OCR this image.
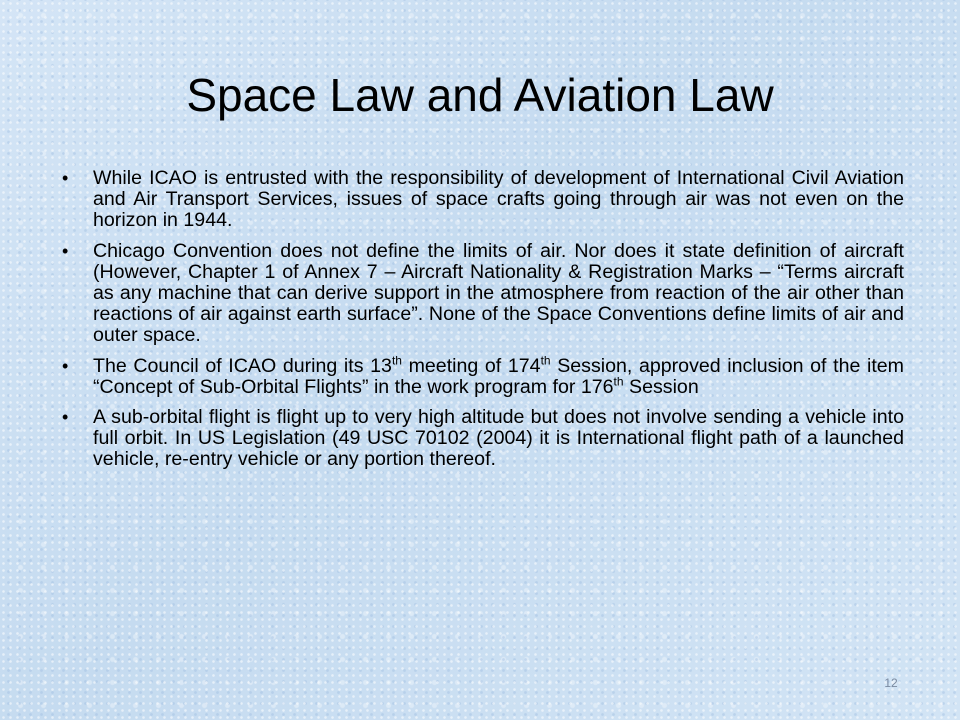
Space Law and Aviation Law
• While ICAO is entrusted with the responsibility of development of International Civil Aviation and Air Transport Services, issues of space crafts going through air was not even on the horizon in 1944.
• Chicago Convention does not define the limits of air. Nor does it state definition of aircraft (However, Chapter 1 of Annex 7 – Aircraft Nationality & Registration Marks – “Terms aircraft as any machine that can derive support in the atmosphere from reaction of the air other than reactions of air against earth surface”. None of the Space Conventions define limits of air and outer space.
• The Council of ICAO during its 13th meeting of 174th Session, approved inclusion of the item “Concept of Sub-Orbital Flights” in the work program for 176th Session
• A sub-orbital flight is flight up to very high altitude but does not involve sending a vehicle into full orbit. In US Legislation (49 USC 70102 (2004) it is International flight path of a launched vehicle, re-entry vehicle or any portion thereof.
12
